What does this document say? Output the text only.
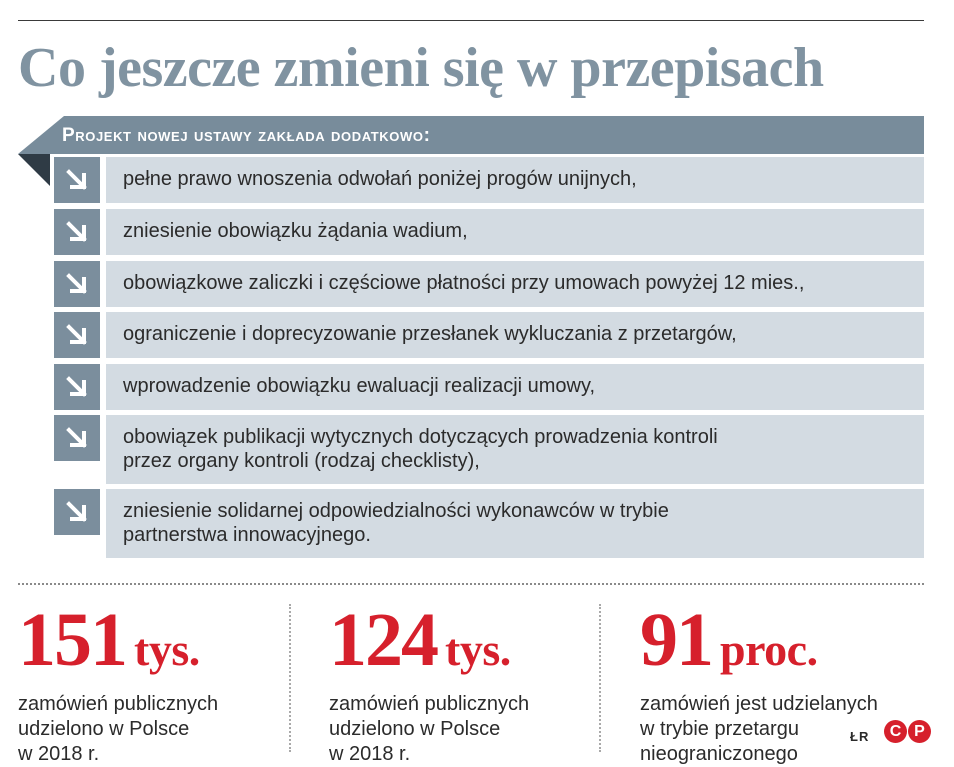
Co jeszcze zmieni się w przepisach
Projekt nowej ustawy zakłada dodatkowo:
pełne prawo wnoszenia odwołań poniżej progów unijnych,
zniesienie obowiązku żądania wadium,
obowiązkowe zaliczki i częściowe płatności przy umowach powyżej 12 mies.,
ograniczenie i doprecyzowanie przesłanek wykluczania z przetargów,
wprowadzenie obowiązku ewaluacji realizacji umowy,
obowiązek publikacji wytycznych dotyczących prowadzenia kontroli
przez organy kontroli (rodzaj checklisty),
zniesienie solidarnej odpowiedzialności wykonawców w trybie
partnerstwa innowacyjnego.
151 tys.
zamówień publicznych
udzielono w Polsce
w 2018 r.
124 tys.
zamówień publicznych
udzielono w Polsce
w 2018 r.
91 proc.
zamówień jest udzielanych
w trybie przetargu
nieograniczonego
ŁR	C P
